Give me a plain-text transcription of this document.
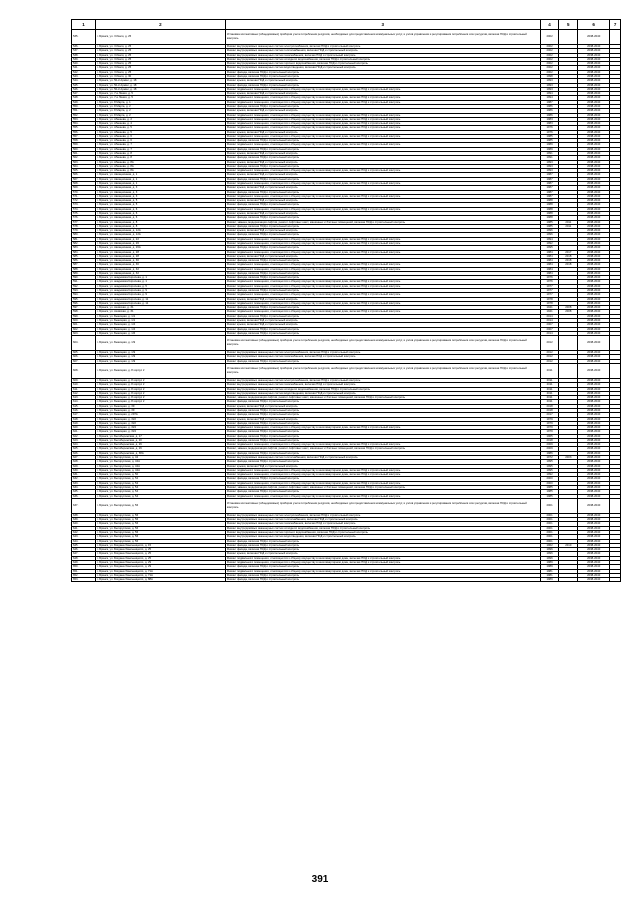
1	2	3	4	5	6	7
535.	г. Брянск, ул. 3 Июля, д. 25	Установка коллективных (общедомовых) приборов учета потребления ресурсов, необходимых для предоставления коммунальных услуг, и узлов управления и регулирования потребления этих ресурсов, включая ПСД и строительный контроль	2002		2038-2040	
536.	г. Брянск, ул. 3 Июля, д. 25	Ремонт внутридомовых инженерных систем электроснабжения, включая ПСД и строительный контроль	2002		2038-2040	
537.	г. Брянск, ул. 3 Июля, д. 25	Ремонт внутридомовых инженерных систем теплоснабжения, включая ПСД и строительный контроль	2002		2038-2040	
538.	г. Брянск, ул. 3 Июля, д. 25	Ремонт внутридомовых инженерных систем газоснабжения, включая ПСД и строительный контроль	2002		2038-2040	
539.	г. Брянск, ул. 3 Июля, д. 25	Ремонт внутридомовых инженерных систем холодного водоснабжения, включая ПСД и строительный контроль	2002		2038-2040	
540.	г. Брянск, ул. 3 Июля, д. 25	Ремонт внутридомовых инженерных систем горячего водоснабжения, включая ПСД и строительный контроль	2002		2038-2040	
541.	г. Брянск, ул. 3 Июля, д. 25	Ремонт внутридомовых инженерных систем водоотведения, включая ПСД и строительный контроль	2002		2038-2040	
542.	г. Брянск, ул. 3 Июля, д. 25	Ремонт фасада, включая ПСД и строительный контроль	2002		2038-2040	
543.	г. Брянск, ул. 3 Июля, д. 30	Ремонт фасада, включая ПСД и строительный контроль	1998		2038-2040	
544.	г. Брянск, ул. 50-й Армии, д. 18	Ремонт крыши, включая ПСД и строительный контроль	1993		2038-2040	
545.	г. Брянск, ул. 50-й Армии, д. 18	Ремонт фасада, включая ПСД и строительный контроль	1993		2038-2040	
546.	г. Брянск, ул. 50-й Армии, д. 18	Ремонт подвального помещения, относящегося к общему имуществу в многоквартирном доме, включая ПСД и строительный контроль	1993		2038-2040	
547.	г. Брянск, ул. 7-я Линия, д. 5	Ремонт крыши, включая ПСД и строительный контроль	1994		2038-2040	
548.	г. Брянск, ул. 7-я Линия, д. 5	Ремонт подвального помещения, относящегося к общему имуществу в многоквартирном доме, включая ПСД и строительный контроль	1994		2038-2040	
549.	г. Брянск, ул. 8 Марта, д. 1	Ремонт подвального помещения, относящегося к общему имуществу в многоквартирном доме, включая ПСД и строительный контроль	1987		2038-2040	
550.	г. Брянск, ул. 8 Марта, д. 2	Ремонт фасада, включая ПСД и строительный контроль	1986		2038-2040	
551.	г. Брянск, ул. 8 Марта, д. 2	Ремонт крыши, включая ПСД и строительный контроль	1986		2038-2040	
552.	г. Брянск, ул. 8 Марта, д. 2	Ремонт подвального помещения, относящегося к общему имуществу в многоквартирном доме, включая ПСД и строительный контроль	1986		2038-2040	
553.	г. Брянск, ул. Абашева, д. 2	Ремонт подвального помещения, относящегося к общему имуществу в многоквартирном доме, включая ПСД и строительный контроль	1983		2038-2040	
554.	г. Брянск, ул. Абашева, д. 4	Ремонт подвального помещения, относящегося к общему имуществу в многоквартирном доме, включая ПСД и строительный контроль	1983		2038-2040	
555.	г. Брянск, ул. Абашева, д. 5	Ремонт подвального помещения, относящегося к общему имуществу в многоквартирном доме, включая ПСД и строительный контроль	1976		2038-2040	
556.	г. Брянск, ул. Абашева, д. 5	Ремонт крыши, включая ПСД и строительный контроль	1976		2038-2040	
557.	г. Брянск, ул. Абашева, д. 6	Ремонт подвального помещения, относящегося к общему имуществу в многоквартирном доме, включая ПСД и строительный контроль	1985		2038-2040	
558.	г. Брянск, ул. Абашева, д. 6	Ремонт фасада, включая ПСД и строительный контроль	1985		2038-2040	
559.	г. Брянск, ул. Абашева, д. 7	Ремонт подвального помещения, относящегося к общему имуществу в многоквартирном доме, включая ПСД и строительный контроль	1989		2038-2040	
560.	г. Брянск, ул. Абашева, д. 7	Ремонт фасада, включая ПСД и строительный контроль	1989		2038-2040	
561.	г. Брянск, ул. Абашева, д. 8	Ремонт крыши, включая ПСД и строительный контроль	1991		2038-2040	
562.	г. Брянск, ул. Абашева, д. 8	Ремонт фасада, включая ПСД и строительный контроль	1991		2038-2040	
563.	г. Брянск, ул. Абашева, д. 8А	Ремонт крыши, включая ПСД и строительный контроль	1993		2038-2040	
564.	г. Брянск, ул. Абашева, д. 8А	Ремонт фасада, включая ПСД и строительный контроль	1993		2038-2040	
565.	г. Брянск, ул. Абашева, д. 8А	Ремонт подвального помещения, относящегося к общему имуществу в многоквартирном доме, включая ПСД и строительный контроль	1993		2038-2040	
566.	г. Брянск, ул. Авиационная, д. 1	Ремонт крыши, включая ПСД и строительный контроль	1987		2038-2040	
567.	г. Брянск, ул. Авиационная, д. 1	Ремонт фасада, включая ПСД и строительный контроль	1987		2038-2040	
568.	г. Брянск, ул. Авиационная, д. 1	Ремонт подвального помещения, относящегося к общему имуществу в многоквартирном доме, включая ПСД и строительный контроль	1987		2038-2040	
569.	г. Брянск, ул. Авиационная, д. 3	Ремонт крыши, включая ПСД и строительный контроль	1987		2038-2040	
570.	г. Брянск, ул. Авиационная, д. 3	Ремонт фасада, включая ПСД и строительный контроль	1987		2038-2040	
571.	г. Брянск, ул. Авиационная, д. 3	Ремонт подвального помещения, относящегося к общему имуществу в многоквартирном доме, включая ПСД и строительный контроль	1987		2038-2040	
572.	г. Брянск, ул. Авиационная, д. 5	Ремонт крыши, включая ПСД и строительный контроль	1988		2038-2040	
573.	г. Брянск, ул. Авиационная, д. 5	Ремонт фасада, включая ПСД и строительный контроль	1988		2038-2040	
574.	г. Брянск, ул. Авиационная, д. 6	Ремонт подвального помещения, относящегося к общему имуществу в многоквартирном доме, включая ПСД и строительный контроль	1988		2038-2040	
575.	г. Брянск, ул. Авиационная, д. 6	Ремонт крыши, включая ПСД и строительный контроль	1988		2038-2040	
576.	г. Брянск, ул. Авиационная, д. 6	Ремонт фасада, включая ПСД и строительный контроль	1988		2038-2040	
577.	г. Брянск, ул. Авиационная, д. 8	Ремонт, замена, модернизация лифтов, ремонт лифтовых шахт, машинных и блочных помещений, включая ПСД и строительный контроль	1985	2011	2038-2040	
578.	г. Брянск, ул. Авиационная, д. 8	Ремонт фасада, включая ПСД и строительный контроль	1985	2011	2038-2040	
579.	г. Брянск, ул. Авиационная, д. 12А	Ремонт крыши, включая ПСД и строительный контроль	1996		2038-2040	
580.	г. Брянск, ул. Авиационная, д. 12А	Ремонт фасада, включая ПСД и строительный контроль	1996		2038-2040	
581.	г. Брянск, ул. Авиационная, д. 22	Ремонт подвального помещения, относящегося к общему имуществу в многоквартирном доме, включая ПСД и строительный контроль	1994		2038-2040	
582.	г. Брянск, ул. Авиационная, д. 26	Ремонт подвального помещения, относящегося к общему имуществу в многоквартирном доме, включая ПСД и строительный контроль	1992		2038-2040	
583.	г. Брянск, ул. Авиационная, д. 26А	Ремонт фасада, включая ПСД и строительный контроль	1995		2038-2040	
584.	г. Брянск, ул. Авиационная, д. 28	Ремонт подвального помещения, относящегося к общему имуществу в многоквартирном доме, включая ПСД и строительный контроль	1984	2017	2038-2040	
585.	г. Брянск, ул. Авиационная, д. 28	Ремонт крыши, включая ПСД и строительный контроль	1984	2018	2038-2040	
586.	г. Брянск, ул. Авиационная, д. 30	Ремонт фасада, включая ПСД и строительный контроль	1984	2018	2038-2040	
587.	г. Брянск, ул. Авиационная, д. 30	Ремонт подвального помещения, относящегося к общему имуществу в многоквартирном доме, включая ПСД и строительный контроль	1984	2018	2038-2040	
588.	г. Брянск, ул. Авиационная, д. 32	Ремонт подвального помещения, относящегося к общему имуществу в многоквартирном доме, включая ПСД и строительный контроль	1984		2038-2040	
589.	г. Брянск, ул. Авиационная, д. 32	Ремонт фасада, включая ПСД и строительный контроль	1984		2038-2040	
590.	г. Брянск, ул. академика Королева, д. 1	Ремонт фасада, включая ПСД и строительный контроль	1976		2038-2040	
591.	г. Брянск, ул. академика Королева, д. 1	Ремонт подвального помещения, относящегося к общему имуществу в многоквартирном доме, включая ПСД и строительный контроль	1976		2038-2040	
592.	г. Брянск, ул. академика Королева, д. 5	Ремонт подвального помещения, относящегося к общему имуществу в многоквартирном доме, включая ПСД и строительный контроль	1977		2038-2040	
593.	г. Брянск, ул. академика Королева, д. 9	Ремонт фасада, включая ПСД и строительный контроль	1977		2038-2040	
594.	г. Брянск, ул. академика Королева, д. 9	Ремонт подвального помещения, относящегося к общему имуществу в многоквартирном доме, включая ПСД и строительный контроль	1977		2038-2040	
595.	г. Брянск, ул. академика Королева, д. 11	Ремонт крыши, включая ПСД и строительный контроль	1978		2038-2040	
596.	г. Брянск, ул. академика Королева, д. 11	Ремонт подвального помещения, относящегося к общему имуществу в многоквартирном доме, включая ПСД и строительный контроль	1978		2038-2040	
597.	г. Брянск, ул. Азовская, д. 31	Ремонт фасада, включая ПСД и строительный контроль	1941	2008	2038-2040	
598.	г. Брянск, ул. Азовская, д. 31	Ремонт подвального помещения, относящегося к общему имуществу в многоквартирном доме, включая ПСД и строительный контроль	1941	2008	2038-2040	
599.	г. Брянск, ул. Бежицкая, д. 1/1	Ремонт фасада, включая ПСД и строительный контроль	2014		2038-2040	
600.	г. Брянск, ул. Бежицкая, д. 1/1	Ремонт крыши, включая ПСД и строительный контроль	2014		2038-2040	
601.	г. Брянск, ул. Бежицкая, д. 1/4	Ремонт крыши, включая ПСД и строительный контроль	2007		2038-2040	
602.	г. Брянск, ул. Бежицкая, д. 1/4	Ремонт фасада, включая ПСД и строительный контроль	2007		2038-2040	
603.	г. Брянск, ул. Бежицкая, д. 1/6	Ремонт фасада, включая ПСД и строительный контроль	2014		2038-2040	
604.	г. Брянск, ул. Бежицкая, д. 1/9	Установка коллективных (общедомовых) приборов учета потребления ресурсов, необходимых для предоставления коммунальных услуг, и узлов управления и регулирования потребления этих ресурсов, включая ПСД и строительный контроль	2012		2038-2040	
605.	г. Брянск, ул. Бежицкая, д. 1/9	Ремонт внутридомовых инженерных систем электроснабжения, включая ПСД и строительный контроль	2012		2038-2040	
606.	г. Брянск, ул. Бежицкая, д. 1/9	Ремонт внутридомовых инженерных систем газоснабжения, включая ПСД и строительный контроль	2012		2038-2040	
607.	г. Брянск, ул. Бежицкая, д. 1/9	Ремонт фасада, включая ПСД и строительный контроль	2012		2038-2040	
608.	г. Брянск, ул. Бежицкая, д. 8 корпус 2	Установка коллективных (общедомовых) приборов учета потребления ресурсов, необходимых для предоставления коммунальных услуг, и узлов управления и регулирования потребления этих ресурсов, включая ПСД и строительный контроль	2011		2038-2040	
609.	г. Брянск, ул. Бежицкая, д. 8 корпус 2	Ремонт внутридомовых инженерных систем электроснабжения, включая ПСД и строительный контроль	2011		2038-2040	
610.	г. Брянск, ул. Бежицкая, д. 8 корпус 2	Ремонт внутридомовых инженерных систем газоснабжения, включая ПСД и строительный контроль	2011		2038-2040	
611.	г. Брянск, ул. Бежицкая, д. 8 корпус 2	Ремонт внутридомовых инженерных систем холодного водоснабжения, включая ПСД и строительный контроль	2011		2038-2040	
612.	г. Брянск, ул. Бежицкая, д. 8 корпус 2	Ремонт внутридомовых инженерных систем водоотведения, включая ПСД и строительный контроль	2011		2038-2040	
613.	г. Брянск, ул. Бежицкая, д. 8 корпус 2	Ремонт, замена, модернизация лифтов, ремонт лифтовых шахт, машинных и блочных помещений, включая ПСД и строительный контроль	2011		2038-2040	
614.	г. Брянск, ул. Бежицкая, д. 8 корпус 2	Ремонт фасада, включая ПСД и строительный контроль	2011		2038-2040	
615.	г. Брянск, ул. Бежицкая, д. 39	Ремонт крыши, включая ПСД и строительный контроль	2018		2038-2040	
616.	г. Брянск, ул. Бежицкая, д. 39	Ремонт фасада, включая ПСД и строительный контроль	2018		2038-2040	
617.	г. Брянск, ул. Бежицкая, д. 297А	Ремонт фасада, включая ПСД и строительный контроль	2017		2038-2040	
618.	г. Брянск, ул. Бежицкая, д. 322	Ремонт крыши, включая ПСД и строительный контроль	1979		2038-2040	
619.	г. Брянск, ул. Бежицкая, д. 322	Ремонт фасада, включая ПСД и строительный контроль	1979		2038-2040	
620.	г. Брянск, ул. Бежицкая, д. 324	Ремонт подвального помещения, относящегося к общему имуществу в многоквартирном доме, включая ПСД и строительный контроль	1979		2038-2040	
621.	г. Брянск, ул. Бежицкая, д. 324	Ремонт фасада, включая ПСД и строительный контроль	1979		2038-2040	
622.	г. Брянск, ул. Белобережская, д. 17	Ремонт фасада, включая ПСД и строительный контроль	1965		2038-2040	
623.	г. Брянск, ул. Белобережская, д. 20	Ремонт фасада, включая ПСД и строительный контроль	2018		2038-2040	
624.	г. Брянск, ул. Белобережская, д. 26	Ремонт подвального помещения, относящегося к общему имуществу в многоквартирном доме, включая ПСД и строительный контроль	2009		2038-2040	
625.	г. Брянск, ул. Белобережская, д. 26	Ремонт, замена, модернизация лифтов, ремонт лифтовых шахт, машинных и блочных помещений, включая ПСД и строительный контроль	2009		2038-2040	
626.	г. Брянск, ул. Белобережская, д. 38А	Ремонт фасада, включая ПСД и строительный контроль	1986		2038-2040	
627.	г. Брянск, ул. Белорусская, д. 42	Ремонт внутридомовых инженерных систем теплоснабжения, включая ПСД и строительный контроль	1972	2003	2038-2040	
628.	г. Брянск, ул. Белорусская, д. 42А	Ремонт фасада, включая ПСД и строительный контроль	1995		2038-2040	
629.	г. Брянск, ул. Белорусская, д. 42А	Ремонт крыши, включая ПСД и строительный контроль	1995		2038-2040	
630.	г. Брянск, ул. Белорусская, д. 42А	Ремонт подвального помещения, относящегося к общему имуществу в многоквартирном доме, включая ПСД и строительный контроль	1995		2038-2040	
631.	г. Брянск, ул. Белорусская, д. 50	Ремонт подвального помещения, относящегося к общему имуществу в многоквартирном доме, включая ПСД и строительный контроль	1992		2038-2040	
632.	г. Брянск, ул. Белорусская, д. 52	Ремонт фасада, включая ПСД и строительный контроль	2000		2038-2040	
633.	г. Брянск, ул. Белорусская, д. 52	Ремонт подвального помещения, относящегося к общему имуществу в многоквартирном доме, включая ПСД и строительный контроль	2000		2038-2040	
634.	г. Брянск, ул. Белорусская, д. 54	Ремонт, замена, модернизация лифтов, ремонт лифтовых шахт, машинных и блочных помещений, включая ПСД и строительный контроль	1985		2038-2040	
635.	г. Брянск, ул. Белорусская, д. 54	Ремонт фасада, включая ПСД и строительный контроль	1985		2038-2040	
636.	г. Брянск, ул. Белорусская, д. 54	Ремонт подвального помещения, относящегося к общему имуществу в многоквартирном доме, включая ПСД и строительный контроль	1985		2038-2040	
637.	г. Брянск, ул. Белорусская, д. 56	Установка коллективных (общедомовых) приборов учета потребления ресурсов, необходимых для предоставления коммунальных услуг, и узлов управления и регулирования потребления этих ресурсов, включая ПСД и строительный контроль	2001		2038-2040	
638.	г. Брянск, ул. Белорусская, д. 56	Ремонт внутридомовых инженерных систем электроснабжения, включая ПСД и строительный контроль	2001		2038-2040	
639.	г. Брянск, ул. Белорусская, д. 56	Ремонт внутридомовых инженерных систем теплоснабжения, включая ПСД и строительный контроль	2001		2038-2040	
640.	г. Брянск, ул. Белорусская, д. 56	Ремонт внутридомовых инженерных систем газоснабжения, включая ПСД и строительный контроль	2001		2038-2040	
641.	г. Брянск, ул. Белорусская, д. 56	Ремонт внутридомовых инженерных систем холодного водоснабжения, включая ПСД и строительный контроль	2001		2038-2040	
642.	г. Брянск, ул. Белорусская, д. 56	Ремонт внутридомовых инженерных систем горячего водоснабжения, включая ПСД и строительный контроль	2001		2038-2040	
643.	г. Брянск, ул. Белорусская, д. 56	Ремонт внутридомовых инженерных систем водоотведения, включая ПСД и строительный контроль	2001		2038-2040	
644.	г. Брянск, ул. Белорусская, д. 56	Ремонт фасада, включая ПСД и строительный контроль	2001		2038-2040	
645.	г. Брянск, ул. Богдана Хмельницкого, д. 15	Ремонт фасада, включая ПСД и строительный контроль	1962	2010	2038-2040	
646.	г. Брянск, ул. Богдана Хмельницкого, д. 25	Ремонт фасада, включая ПСД и строительный контроль	1996		2038-2040	
647.	г. Брянск, ул. Богдана Хмельницкого, д. 25	Ремонт крыши, включая ПСД и строительный контроль	1996		2038-2040	
648.	г. Брянск, ул. Богдана Хмельницкого, д. 25	Ремонт подвального помещения, относящегося к общему имуществу в многоквартирном доме, включая ПСД и строительный контроль	1996		2038-2040	
649.	г. Брянск, ул. Богдана Хмельницкого, д. 29	Ремонт подвального помещения, относящегося к общему имуществу в многоквартирном доме, включая ПСД и строительный контроль	1989		2038-2040	
650.	г. Брянск, ул. Богдана Хмельницкого, д. 29	Ремонт фасада, включая ПСД и строительный контроль	1989		2038-2040	
651.	г. Брянск, ул. Богдана Хмельницкого, д. 71А	Ремонт подвального помещения, относящегося к общему имуществу в многоквартирном доме, включая ПСД и строительный контроль	1981		2038-2040	
652.	г. Брянск, ул. Богдана Хмельницкого, д. 71А	Ремонт фасада, включая ПСД и строительный контроль	1981		2038-2040	
653.	г. Брянск, ул. Богдана Хмельницкого, д. 88А	Ремонт фасада, включая ПСД и строительный контроль	1989		2038-2040	
391
